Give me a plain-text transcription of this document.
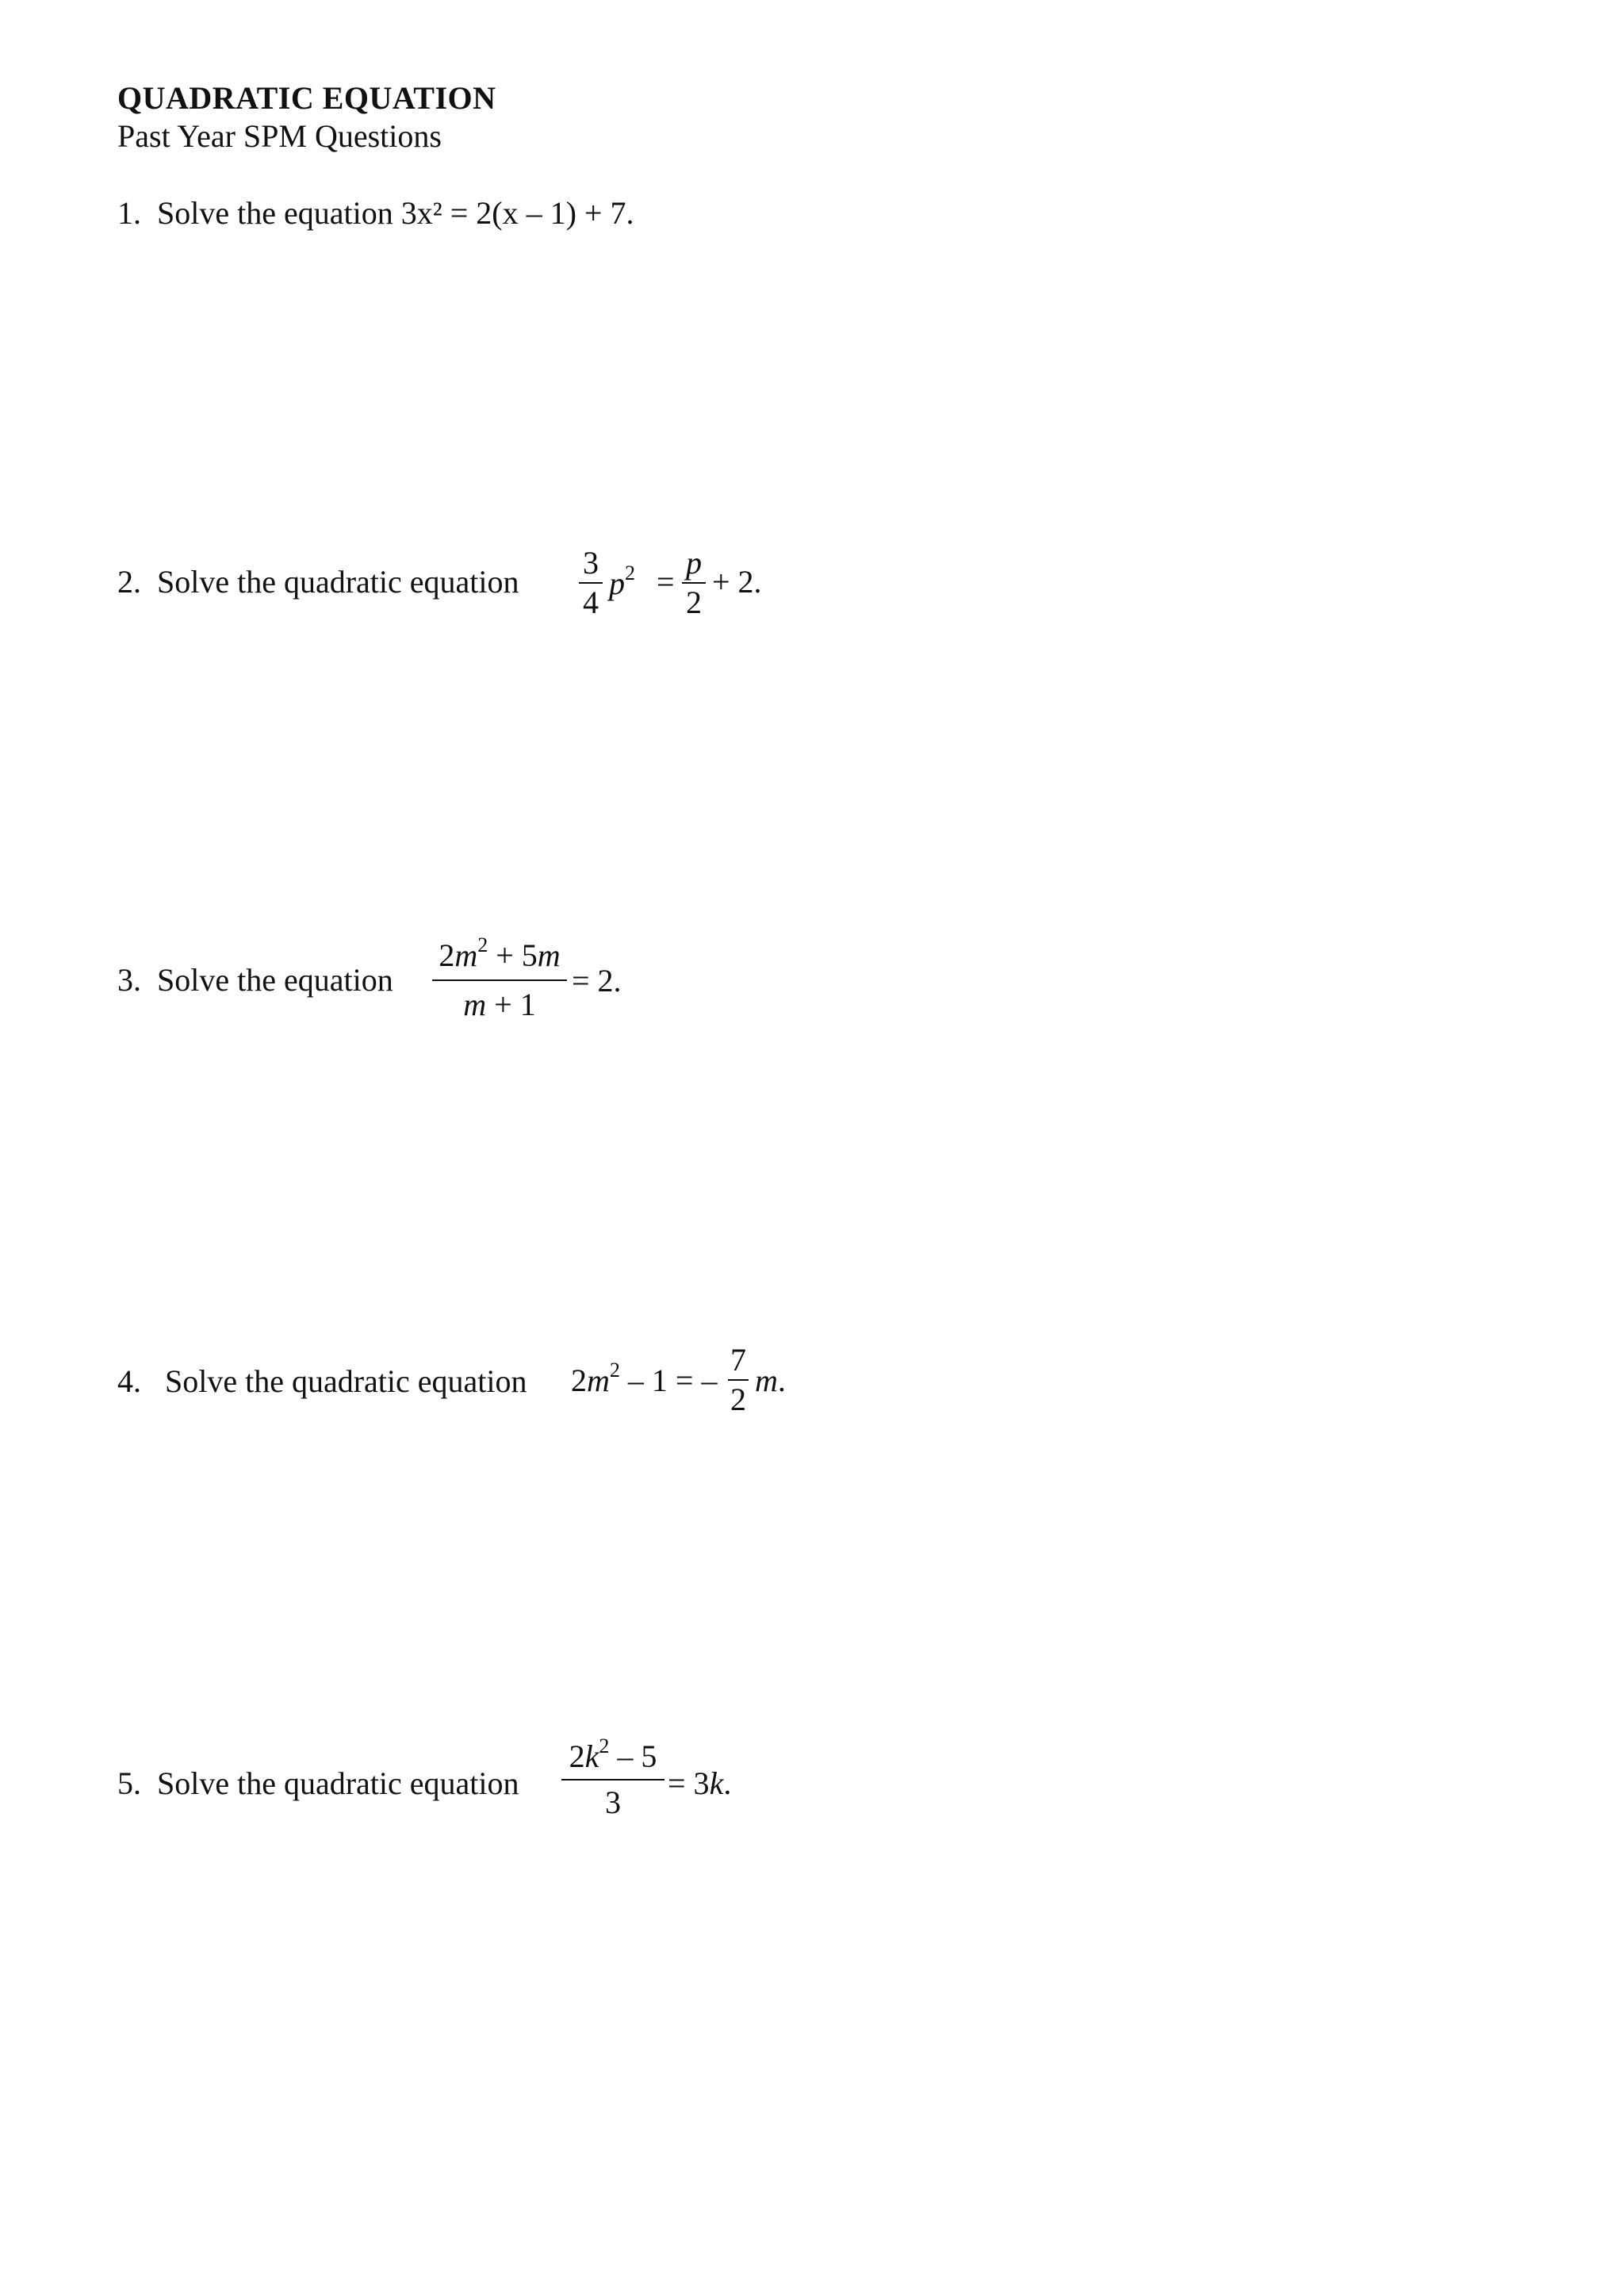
QUADRATIC EQUATION
Past Year SPM Questions
1. Solve the equation 3x² = 2(x – 1) + 7.
2. Solve the quadratic equation
3
4
$p^2$ =
p
2
+ 2.
3. Solve the equation
$2m^2 + 5m$
m + 1
= 2.
4. Solve the quadratic equation $2m^2 - 1$ = –
7
2
m.
5. Solve the quadratic equation
$2k^2 - 5$
3
= 3k.
